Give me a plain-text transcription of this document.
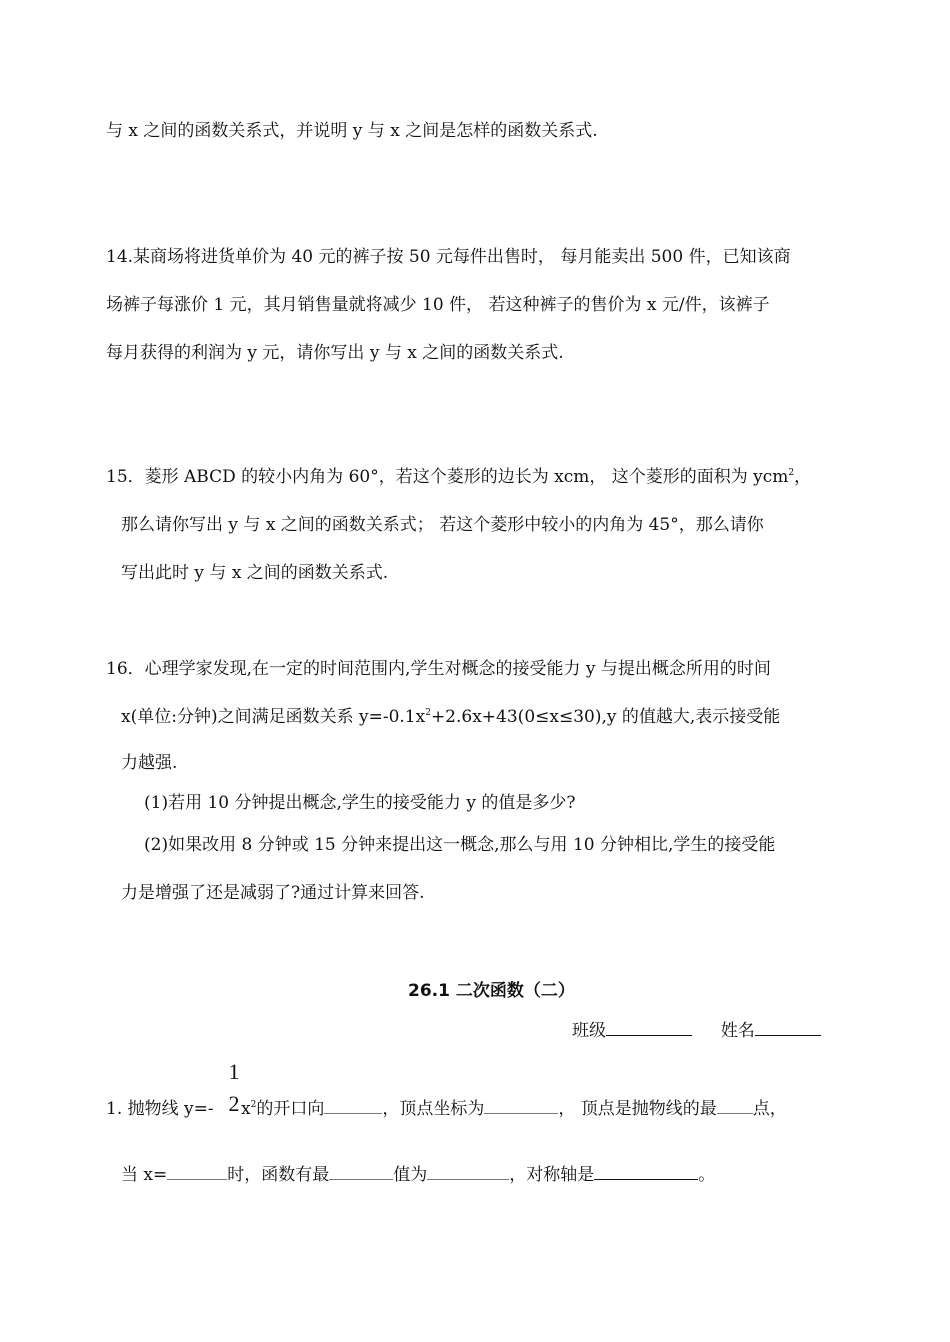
与 x 之间的函数关系式，并说明 y 与 x 之间是怎样的函数关系式.
14.某商场将进货单价为 40 元的裤子按 50 元每件出售时， 每月能卖出 500 件，已知该商
场裤子每涨价 1 元，其月销售量就将减少 10 件， 若这种裤子的售价为 x 元/件，该裤子
每月获得的利润为 y 元，请你写出 y 与 x 之间的函数关系式.
15．菱形 ABCD 的较小内角为 60°，若这个菱形的边长为 xcm， 这个菱形的面积为 ycm$^2$，
那么请你写出 y 与 x 之间的函数关系式； 若这个菱形中较小的内角为 45°，那么请你
写出此时 y 与 x 之间的函数关系式.
16．心理学家发现,在一定的时间范围内,学生对概念的接受能力 y 与提出概念所用的时间
x(单位:分钟)之间满足函数关系 $y=-0.1x^2+2.6x+43(0\le x\le 30),y$ 的值越大,表示接受能
力越强.
(1)若用 10 分钟提出概念,学生的接受能力 y 的值是多少?
(2)如果改用 8 分钟或 15 分钟来提出这一概念,那么与用 10 分钟相比,学生的接受能
力是增强了还是减弱了?通过计算来回答.
26.1 二次函数（二）
班级	姓名
1
2
1. 抛物线 y=- $x^2$的开口向	，顶点坐标为	， 顶点是抛物线的最 点，
当 x=	时，函数有最	值为	，对称轴是	。
